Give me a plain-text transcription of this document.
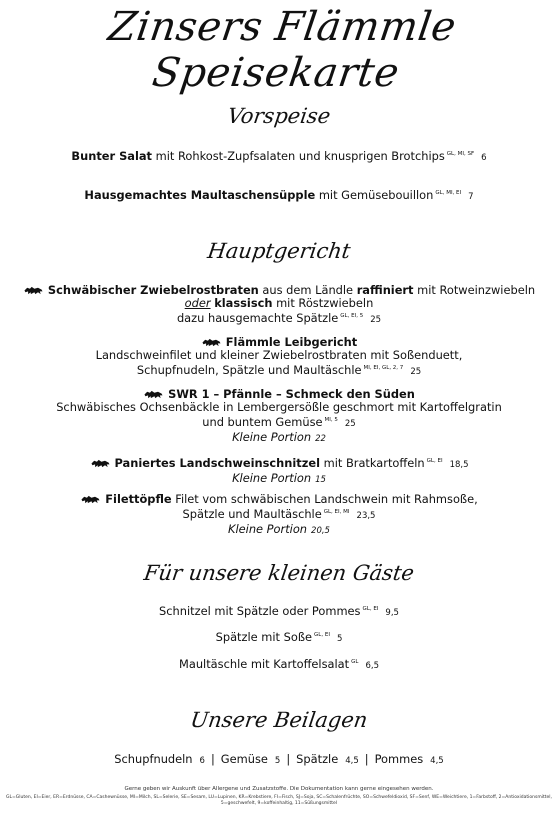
Zinsers Flämmle Speisekarte
Vorspeise
Bunter Salat mit Rohkost-Zupfsalaten und knusprigen Brotchips $^{GL, MI, SF}$ 6
Hausgemachtes Maultaschensüpple mit Gemüsebouillon $^{GL, MI, EI}$ 7
Hauptgericht
Schwäbischer Zwiebelrostbraten aus dem Ländle raffiniert mit Rotweinzwiebeln
oder klassisch mit Röstzwiebeln
dazu hausgemachte Spätzle $^{GL, EI, 5}$ 25
Flämmle Leibgericht
Landschweinfilet und kleiner Zwiebelrostbraten mit Soßenduett,
Schupfnudeln, Spätzle und Maultäschle $^{MI, EI, GL, 2, 7}$ 25
SWR 1 – Pfännle – Schmeck den Süden
Schwäbisches Ochsenbäckle in Lembergersößle geschmort mit Kartoffelgratin
und buntem Gemüse $^{MI, 5}$ 25
Kleine Portion 22
Paniertes Landschweinschnitzel mit Bratkartoffeln $^{GL, EI}$ 18,5
Kleine Portion 15
Filettöpfle Filet vom schwäbischen Landschwein mit Rahmsoße,
Spätzle und Maultäschle $^{GL, EI, MI}$ 23,5
Kleine Portion 20,5
Für unsere kleinen Gäste
Schnitzel mit Spätzle oder Pommes $^{GL, EI}$ 9,5
Spätzle mit Soße $^{GL, EI}$ 5
Maultäschle mit Kartoffelsalat $^{GL}$ 6,5
Unsere Beilagen
Schupfnudeln 6 | Gemüse 5 | Spätzle 4,5 | Pommes 4,5
Gerne geben wir Auskunft über Allergene und Zusatzstoffe. Die Dokumentation kann gerne eingesehen werden.
GL=Gluten, EI=Eier, ER=Erdnüsse, CA=Cashewnüsse, MI=Milch, SL=Selerie, SE=Sesam, LU=Lupinen, KR=Krebstiere, FI=Fisch, SJ=Soja, SC=Schalenfrüchte, SO=Schwefeldioxid, SF=Senf, WE=Weichtiere, 1=Farbstoff, 2=Antioxidationsmittel, 5=geschwefelt, 9=koffeinhaltig, 11=Süßungsmittel
